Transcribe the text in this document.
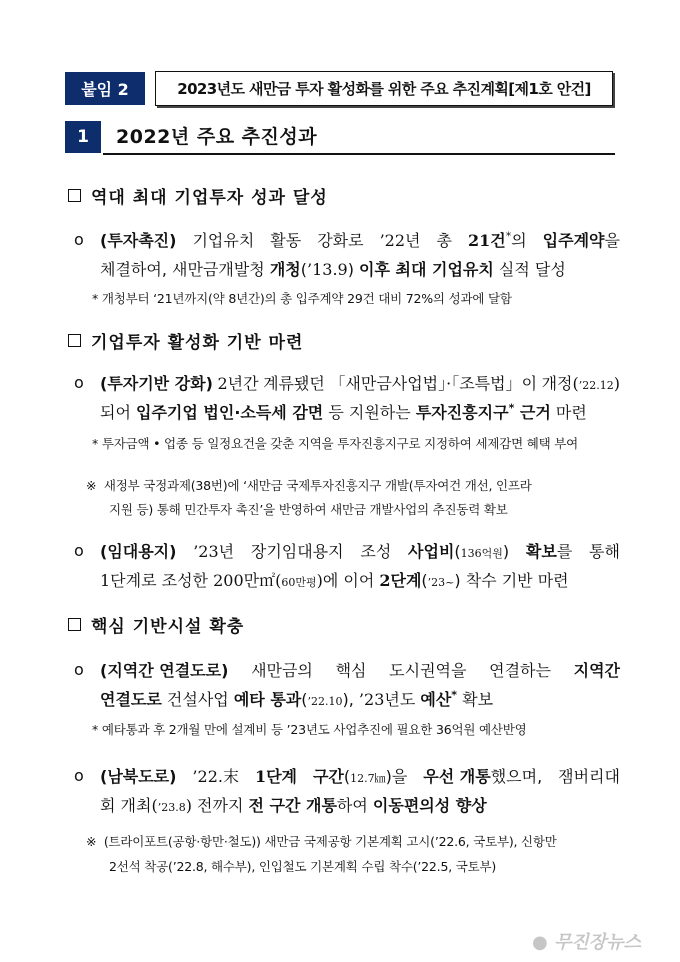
붙임 2	2023년도 새만금 투자 활성화를 위한 주요 추진계획[제1호 안건]
1	2022년 주요 추진성과
역대 최대 기업투자 성과 달성
ο (투자촉진) 기업유치 활동 강화로 ’22년 총 21건*의 입주계약을
체결하여, 새만금개발청 개청(’13.9) 이후 최대 기업유치 실적 달성
* 개청부터 ‘21년까지(약 8년간)의 총 입주계약 29건 대비 72%의 성과에 달함
기업투자 활성화 기반 마련
ο (투자기반 강화) 2년간 계류됐던 「새만금사업법」·「조특법」이 개정(’22.12)
되어 입주기업 법인·소득세 감면 등 지원하는 투자진흥지구* 근거 마련
* 투자금액 • 업종 등 일정요건을 갖춘 지역을 투자진흥지구로 지정하여 세제감면 혜택 부여
※  새정부 국정과제(38번)에 ‘새만금 국제투자진흥지구 개발(투자여건 개선, 인프라
지원 등) 통해 민간투자 촉진’을 반영하여 새만금 개발사업의 추진동력 확보
ο (임대용지) ’23년 장기임대용지 조성 사업비(136억원) 확보를 통해
1단계로 조성한 200만㎡(60만평)에 이어 2단계(’23~) 착수 기반 마련
핵심 기반시설 확충
ο (지역간 연결도로) 새만금의 핵심 도시권역을 연결하는 지역간
연결도로 건설사업 예타 통과(’22.10), ’23년도 예산* 확보
* 예타통과 후 2개월 만에 설계비 등 ’23년도 사업추진에 필요한 36억원 예산반영
ο (남북도로) ’22.末 1단계 구간(12.7㎞)을 우선 개통했으며, 잼버리대
회 개최(’23.8) 전까지 전 구간 개통하여 이동편의성 향상
※  (트라이포트(공항·항만·철도)) 새만금 국제공항 기본계획 고시(’22.6, 국토부), 신항만
2선석 착공(’22.8, 해수부), 인입철도 기본계획 수립 착수(’22.5, 국토부)
● 무진장뉴스
